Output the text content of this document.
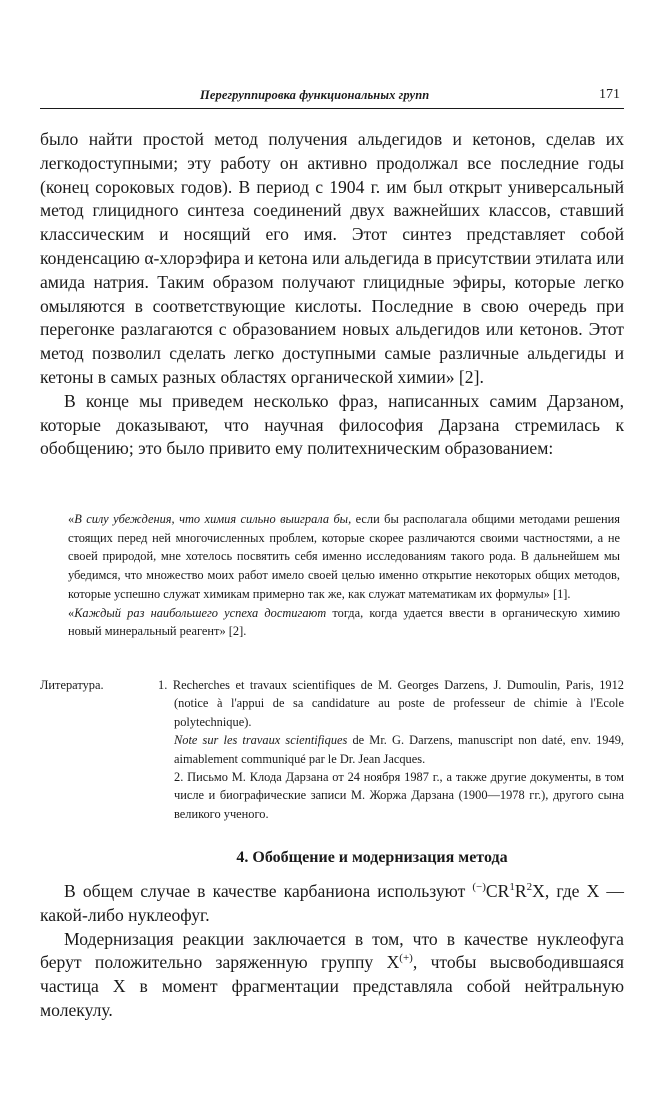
Перегруппировка функциональных групп	171

было найти простой метод получения альдегидов и кетонов, сделав их легкодоступными; эту работу он активно продолжал все последние годы (конец сороковых годов). В период с 1904 г. им был открыт универсальный метод глицидного синтеза соединений двух важнейших классов, ставший классическим и носящий его имя. Этот синтез представляет собой конденсацию α-хлорэфира и кетона или альдегида в присутствии этилата или амида натрия. Таким образом получают глицидные эфиры, которые легко омыляются в соответствующие кислоты. Последние в свою очередь при перегонке разлагаются с образованием новых альдегидов или кетонов. Этот метод позволил сделать легко доступными самые различные альдегиды и кетоны в самых разных областях органической химии» [2].

В конце мы приведем несколько фраз, написанных самим Дарзаном, которые доказывают, что научная философия Дарзана стремилась к обобщению; это было привито ему политехническим образованием:

«В силу убеждения, что химия сильно выиграла бы, если бы располагала общими методами решения стоящих перед ней многочисленных проблем, которые скорее различаются своими частностями, а не своей природой, мне хотелось посвятить себя именно исследованиям такого рода. В дальнейшем мы убедимся, что множество моих работ имело своей целью именно открытие некоторых общих методов, которые успешно служат химикам примерно так же, как служат математикам их формулы» [1].

«Каждый раз наибольшего успеха достигают тогда, когда удается ввести в органическую химию новый минеральный реагент» [2].

Литература.	1. Recherches et travaux scientifiques de M. Georges Darzens, J. Dumoulin, Paris, 1912 (notice à l'appui de sa candidature au poste de professeur de chimie à l'Ecole polytechnique).

Note sur les travaux scientifiques de Mr. G. Darzens, manuscript non daté, env. 1949, aimablement communiqué par le Dr. Jean Jacques.

2. Письмо М. Клода Дарзана от 24 ноября 1987 г., а также другие документы, в том числе и биографические записи М. Жоржа Дарзана (1900—1978 гг.), другого сына великого ученого.

4. Обобщение и модернизация метода

В общем случае в качестве карбаниона используют $^{(-)}CR^1R^2X$, где X — какой-либо нуклеофуг.

Модернизация реакции заключается в том, что в качестве нуклеофуга берут положительно заряженную группу X(+), чтобы высвободившаяся частица X в момент фрагментации представляла собой нейтральную молекулу.
